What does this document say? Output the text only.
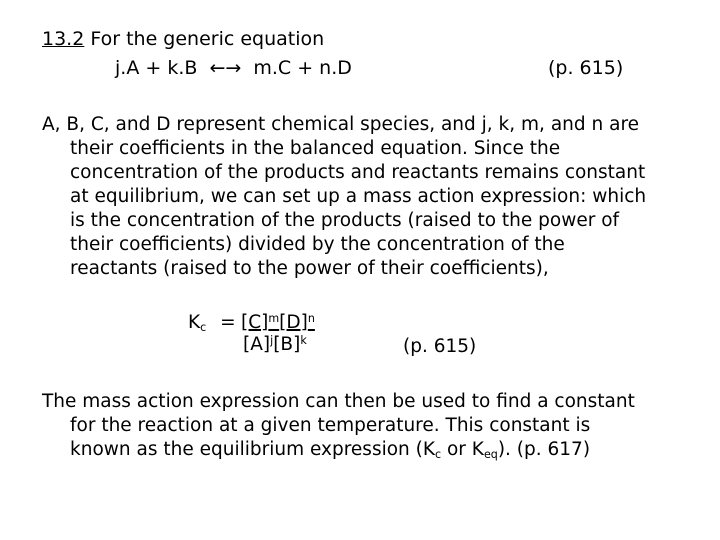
13.2 For the generic equation
j.A + k.B ←→ m.C + n.D	(p. 615)
A, B, C, and D represent chemical species, and j, k, m, and n are
their coefficients in the balanced equation. Since the
concentration of the products and reactants remains constant
at equilibrium, we can set up a mass action expression: which
is the concentration of the products (raised to the power of
their coefficients) divided by the concentration of the
reactants (raised to the power of their coefficients),
$K_c = [C]^m[D]^n$
$[A]^j[B]^k$	(p. 615)
The mass action expression can then be used to find a constant
for the reaction at a given temperature. This constant is
known as the equilibrium expression ($K_c$ or $K_{eq}$). (p. 617)
